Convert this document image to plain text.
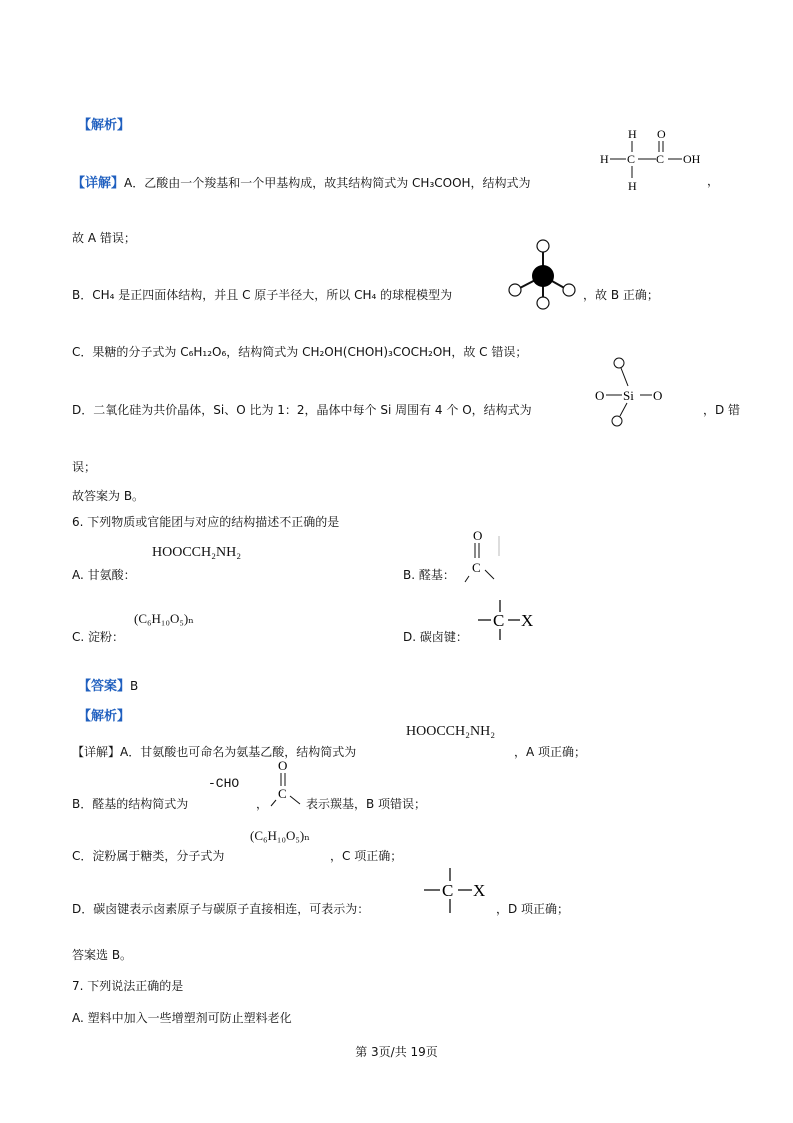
【解析】
【详解】A．乙酸由一个羧基和一个甲基构成，故其结构简式为 CH₃COOH，结构式为
H
H C C
H
O
OH
，
故 A 错误；
B．CH₄ 是正四面体结构，并且 C 原子半径大，所以 CH₄ 的球棍模型为	，故 B 正确；
C．果糖的分子式为 C₆H₁₂O₆，结构简式为 CH₂OH(CHOH)₃COCH₂OH，故 C 错误；
D．二氧化硅为共价晶体，Si、O 比为 1：2，晶体中每个 Si 周围有 4 个 O，结构式为
O Si O
，D 错
误；
故答案为 B。
6. 下列物质或官能团与对应的结构描述不正确的是
HOOCCH₂NH₂
A. 甘氨酸：	B. 醛基：
O
C
(C₆H₁₀O₅)ₙ
C. 淀粉：	D. 碳卤键：
C X
【答案】B
【解析】
HOOCCH₂NH₂
【详解】A．甘氨酸也可命名为氨基乙酸，结构简式为	，A 项正确；
-CHO
B．醛基的结构简式为	，
O
C
表示羰基，B 项错误；
(C₆H₁₀O₅)ₙ
C．淀粉属于糖类，分子式为	，C 项正确；
D．碳卤键表示卤素原子与碳原子直接相连，可表示为：
C X
，D 项正确；
答案选 B。
7. 下列说法正确的是
A. 塑料中加入一些增塑剂可防止塑料老化
第 3页/共 19页
